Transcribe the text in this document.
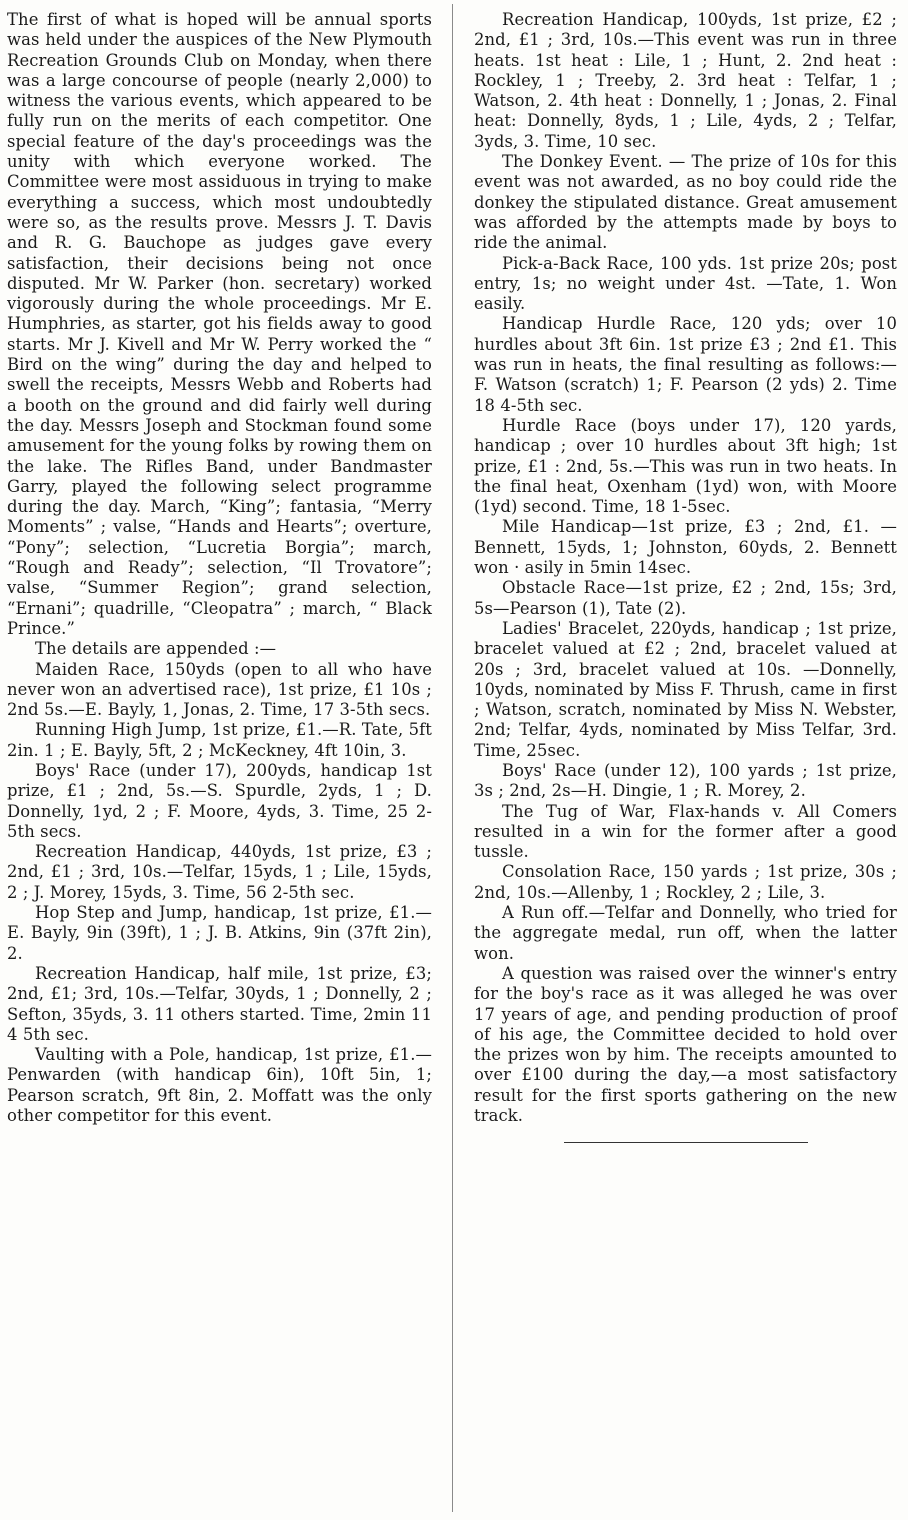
The first of what is hoped will be annual sports was held under the auspices of the New Plymouth Recreation Grounds Club on Monday, when there was a large concourse of people (nearly 2,000) to witness the various events, which appeared to be fully run on the merits of each competitor. One special feature of the day's proceedings was the unity with which everyone worked. The Committee were most assiduous in trying to make everything a success, which most undoubtedly were so, as the results prove. Messrs J. T. Davis and R. G. Bauchope as judges gave every satisfaction, their decisions being not once disputed. Mr W. Parker (hon. secretary) worked vigorously during the whole proceedings. Mr E. Humphries, as starter, got his fields away to good starts. Mr J. Kivell and Mr W. Perry worked the “ Bird on the wing” during the day and helped to swell the receipts, Messrs Webb and Roberts had a booth on the ground and did fairly well during the day. Messrs Joseph and Stockman found some amusement for the young folks by rowing them on the lake. The Rifles Band, under Bandmaster Garry, played the following select programme during the day. March, “King”; fantasia, “Merry Moments” ; valse, “Hands and Hearts”; overture, “Pony”; selection, “Lucretia Borgia”; march, “Rough and Ready”; selection, “Il Trovatore”; valse, “Summer Region”; grand selection, “Ernani”; quadrille, “Cleopatra” ; march, “ Black Prince.”

The details are appended :—

Maiden Race, 150yds (open to all who have never won an advertised race), 1st prize, £1 10s ; 2nd 5s.—E. Bayly, 1, Jonas, 2. Time, 17 3-5th secs.

Running High Jump, 1st prize, £1.—R. Tate, 5ft 2in. 1 ; E. Bayly, 5ft, 2 ; McKeckney, 4ft 10in, 3.

Boys' Race (under 17), 200yds, handicap 1st prize, £1 ; 2nd, 5s.—S. Spurdle, 2yds, 1 ; D. Donnelly, 1yd, 2 ; F. Moore, 4yds, 3. Time, 25 2-5th secs.

Recreation Handicap, 440yds, 1st prize, £3 ; 2nd, £1 ; 3rd, 10s.—Telfar, 15yds, 1 ; Lile, 15yds, 2 ; J. Morey, 15yds, 3. Time, 56 2-5th sec.

Hop Step and Jump, handicap, 1st prize, £1.—E. Bayly, 9in (39ft), 1 ; J. B. Atkins, 9in (37ft 2in), 2.

Recreation Handicap, half mile, 1st prize, £3; 2nd, £1; 3rd, 10s.—Telfar, 30yds, 1 ; Donnelly, 2 ; Sefton, 35yds, 3. 11 others started. Time, 2min 11 4 5th sec.

Vaulting with a Pole, handicap, 1st prize, £1.—Penwarden (with handicap 6in), 10ft 5in, 1; Pearson scratch, 9ft 8in, 2. Moffatt was the only other competitor for this event.

Recreation Handicap, 100yds, 1st prize, £2 ; 2nd, £1 ; 3rd, 10s.—This event was run in three heats. 1st heat : Lile, 1 ; Hunt, 2. 2nd heat : Rockley, 1 ; Treeby, 2. 3rd heat : Telfar, 1 ; Watson, 2. 4th heat : Donnelly, 1 ; Jonas, 2. Final heat: Donnelly, 8yds, 1 ; Lile, 4yds, 2 ; Telfar, 3yds, 3. Time, 10 sec.

The Donkey Event. — The prize of 10s for this event was not awarded, as no boy could ride the donkey the stipulated distance. Great amusement was afforded by the attempts made by boys to ride the animal.

Pick-a-Back Race, 100 yds. 1st prize 20s; post entry, 1s; no weight under 4st. —Tate, 1. Won easily.

Handicap Hurdle Race, 120 yds; over 10 hurdles about 3ft 6in. 1st prize £3 ; 2nd £1. This was run in heats, the final resulting as follows:—F. Watson (scratch) 1; F. Pearson (2 yds) 2. Time 18 4-5th sec.

Hurdle Race (boys under 17), 120 yards, handicap ; over 10 hurdles about 3ft high; 1st prize, £1 : 2nd, 5s.—This was run in two heats. In the final heat, Oxenham (1yd) won, with Moore (1yd) second. Time, 18 1-5sec.

Mile Handicap—1st prize, £3 ; 2nd, £1. —Bennett, 15yds, 1; Johnston, 60yds, 2. Bennett won · asily in 5min 14sec.

Obstacle Race—1st prize, £2 ; 2nd, 15s; 3rd, 5s—Pearson (1), Tate (2).

Ladies' Bracelet, 220yds, handicap ; 1st prize, bracelet valued at £2 ; 2nd, bracelet valued at 20s ; 3rd, bracelet valued at 10s. —Donnelly, 10yds, nominated by Miss F. Thrush, came in first ; Watson, scratch, nominated by Miss N. Webster, 2nd; Telfar, 4yds, nominated by Miss Telfar, 3rd. Time, 25sec.

Boys' Race (under 12), 100 yards ; 1st prize, 3s ; 2nd, 2s—H. Dingie, 1 ; R. Morey, 2.

The Tug of War, Flax-hands v. All Comers resulted in a win for the former after a good tussle.

Consolation Race, 150 yards ; 1st prize, 30s ; 2nd, 10s.—Allenby, 1 ; Rockley, 2 ; Lile, 3.

A Run off.—Telfar and Donnelly, who tried for the aggregate medal, run off, when the latter won.

A question was raised over the winner's entry for the boy's race as it was alleged he was over 17 years of age, and pending production of proof of his age, the Committee decided to hold over the prizes won by him. The receipts amounted to over £100 during the day,—a most satisfactory result for the first sports gathering on the new track.
